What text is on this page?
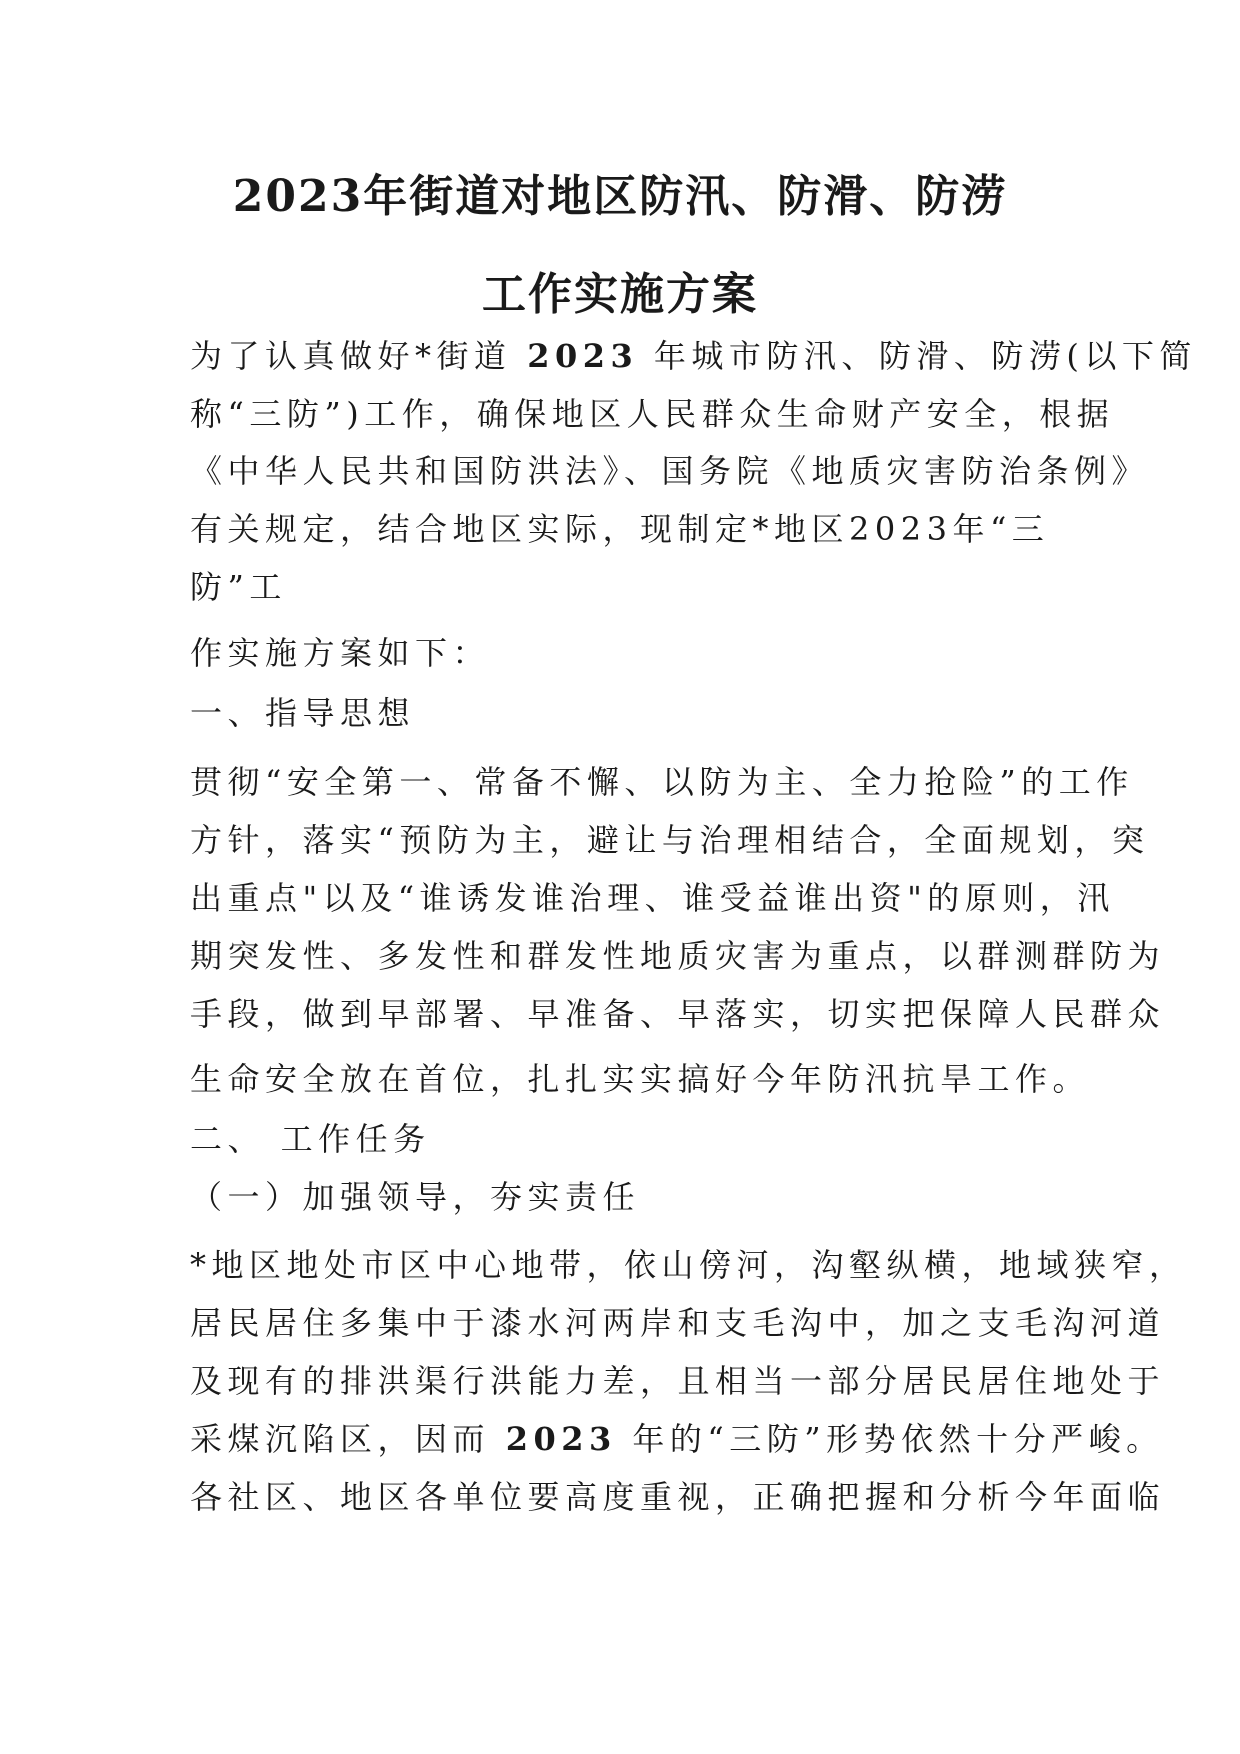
2023年街道对地区防汛、防滑、防涝
工作实施方案
为了认真做好*街道 2023 年城市防汛、防滑、防涝(以下简
称“三防”)工作，确保地区人民群众生命财产安全，根据
《中华人民共和国防洪法》、国务院《地质灾害防治条例》
有关规定，结合地区实际，现制定*地区2023年“三
防”工
作实施方案如下：
一、指导思想
贯彻“安全第一、常备不懈、以防为主、全力抢险”的工作
方针，落实“预防为主，避让与治理相结合，全面规划，突
出重点"以及“谁诱发谁治理、谁受益谁出资"的原则，汛
期突发性、多发性和群发性地质灾害为重点，以群测群防为
手段，做到早部署、早准备、早落实，切实把保障人民群众
生命安全放在首位，扎扎实实搞好今年防汛抗旱工作。
二、 工作任务
（一）加强领导，夯实责任
*地区地处市区中心地带，依山傍河，沟壑纵横，地域狭窄，
居民居住多集中于漆水河两岸和支毛沟中，加之支毛沟河道
及现有的排洪渠行洪能力差，且相当一部分居民居住地处于
采煤沉陷区，因而 2023 年的“三防”形势依然十分严峻。
各社区、地区各单位要高度重视，正确把握和分析今年面临
